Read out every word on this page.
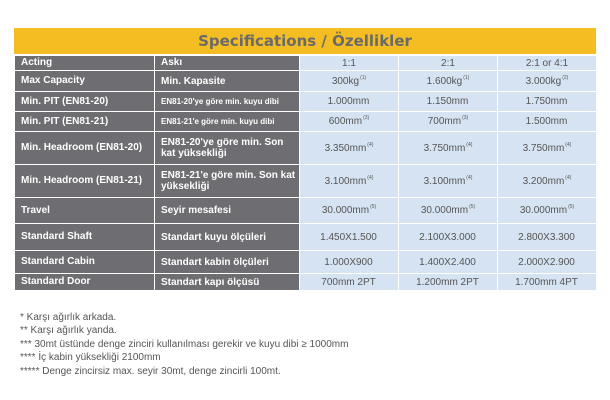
Specifications / Özellikler
Acting	Askı	1:1	2:1	2:1 or 4:1
Max Capacity	Min. Kapasite	$300kg^{(1)}$	$1.600kg^{(1)}$	$3.000kg^{(2)}$
Min. PIT (EN81-20)	EN81-20'ye göre min. kuyu dibi	1.000mm	1.150mm	1.750mm
Min. PIT (EN81-21)	EN81-21'e göre min. kuyu dibi	$600mm^{(3)}$	$700mm^{(3)}$	1.500mm
Min. Headroom (EN81-20)	EN81-20'ye göre min. Son kat yüksekliği	$3.350mm^{(4)}$	$3.750mm^{(4)}$	$3.750mm^{(4)}$
Min. Headroom (EN81-21)	EN81-21'e göre min. Son kat yüksekliği	$3.100mm^{(4)}$	$3.100mm^{(4)}$	$3.200mm^{(4)}$
Travel	Seyir mesafesi	$30.000mm^{(5)}$	$30.000mm^{(5)}$	$30.000mm^{(5)}$
Standard Shaft	Standart kuyu ölçüleri	1.450X1.500	2.100X3.000	2.800X3.300
Standard Cabin	Standart kabin ölçüleri	1.000X900	1.400X2.400	2.000X2.900
Standard Door	Standart kapı ölçüsü	700mm 2PT	1.200mm 2PT	1.700mm 4PT
* Karşı ağırlık arkada.
** Karşı ağırlık yanda.
*** 30mt üstünde denge zinciri kullanılması gerekir ve kuyu dibi ≥ 1000mm
**** İç kabin yüksekliği 2100mm
***** Denge zincirsiz max. seyir 30mt, denge zincirli 100mt.
